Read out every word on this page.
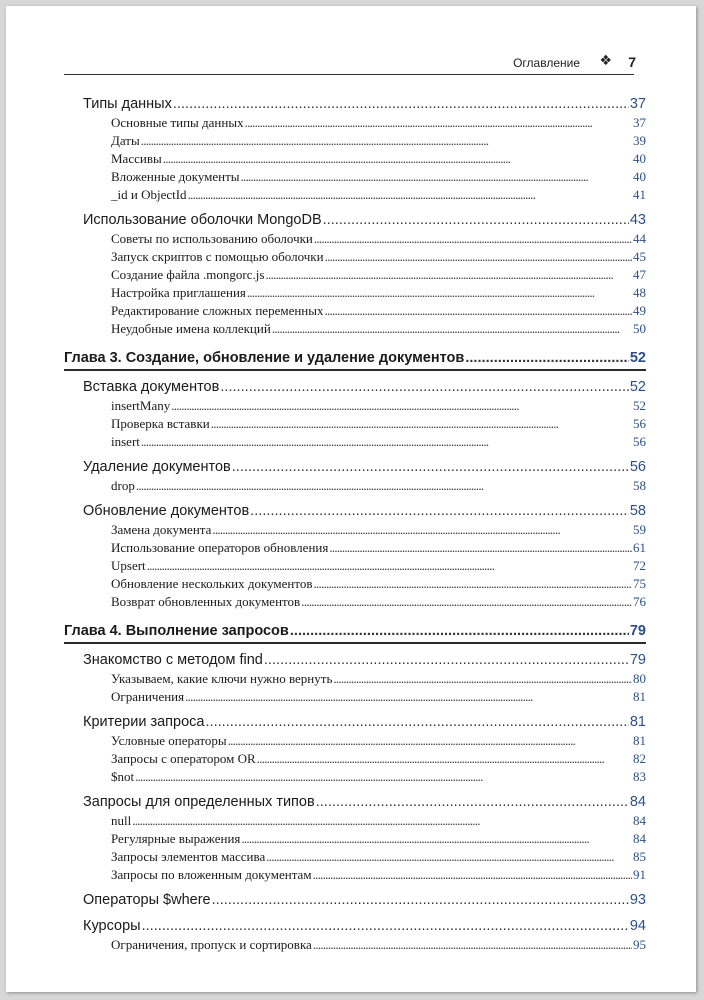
Оглавление ❖ 7
Типы данных . . .	37
Основные типы данных . . .	37
Даты . . .	39
Массивы . . .	40
Вложенные документы . . .	40
_id и ObjectId . . .	41
Использование оболочки MongoDB . . .	43
Советы по использованию оболочки . . .	44
Запуск скриптов с помощью оболочки . . .	45
Создание файла .mongorc.js . . .	47
Настройка приглашения . . .	48
Редактирование сложных переменных . . .	49
Неудобные имена коллекций . . .	50
Глава 3. Создание, обновление и удаление документов . . .	52
Вставка документов . . .	52
insertMany . . .	52
Проверка вставки . . .	56
insert . . .	56
Удаление документов . . .	56
drop . . .	58
Обновление документов . . .	58
Замена документа . . .	59
Использование операторов обновления . . .	61
Upsert . . .	72
Обновление нескольких документов . . .	75
Возврат обновленных документов . . .	76
Глава 4. Выполнение запросов . . .	79
Знакомство с методом find . . .	79
Указываем, какие ключи нужно вернуть . . .	80
Ограничения . . .	81
Критерии запроса . . .	81
Условные операторы . . .	81
Запросы с оператором OR . . .	82
$not . . .	83
Запросы для определенных типов . . .	84
null . . .	84
Регулярные выражения . . .	84
Запросы элементов массива . . .	85
Запросы по вложенным документам . . .	91
Операторы $where . . .	93
Курсоры . . .	94
Ограничения, пропуск и сортировка . . .	95
